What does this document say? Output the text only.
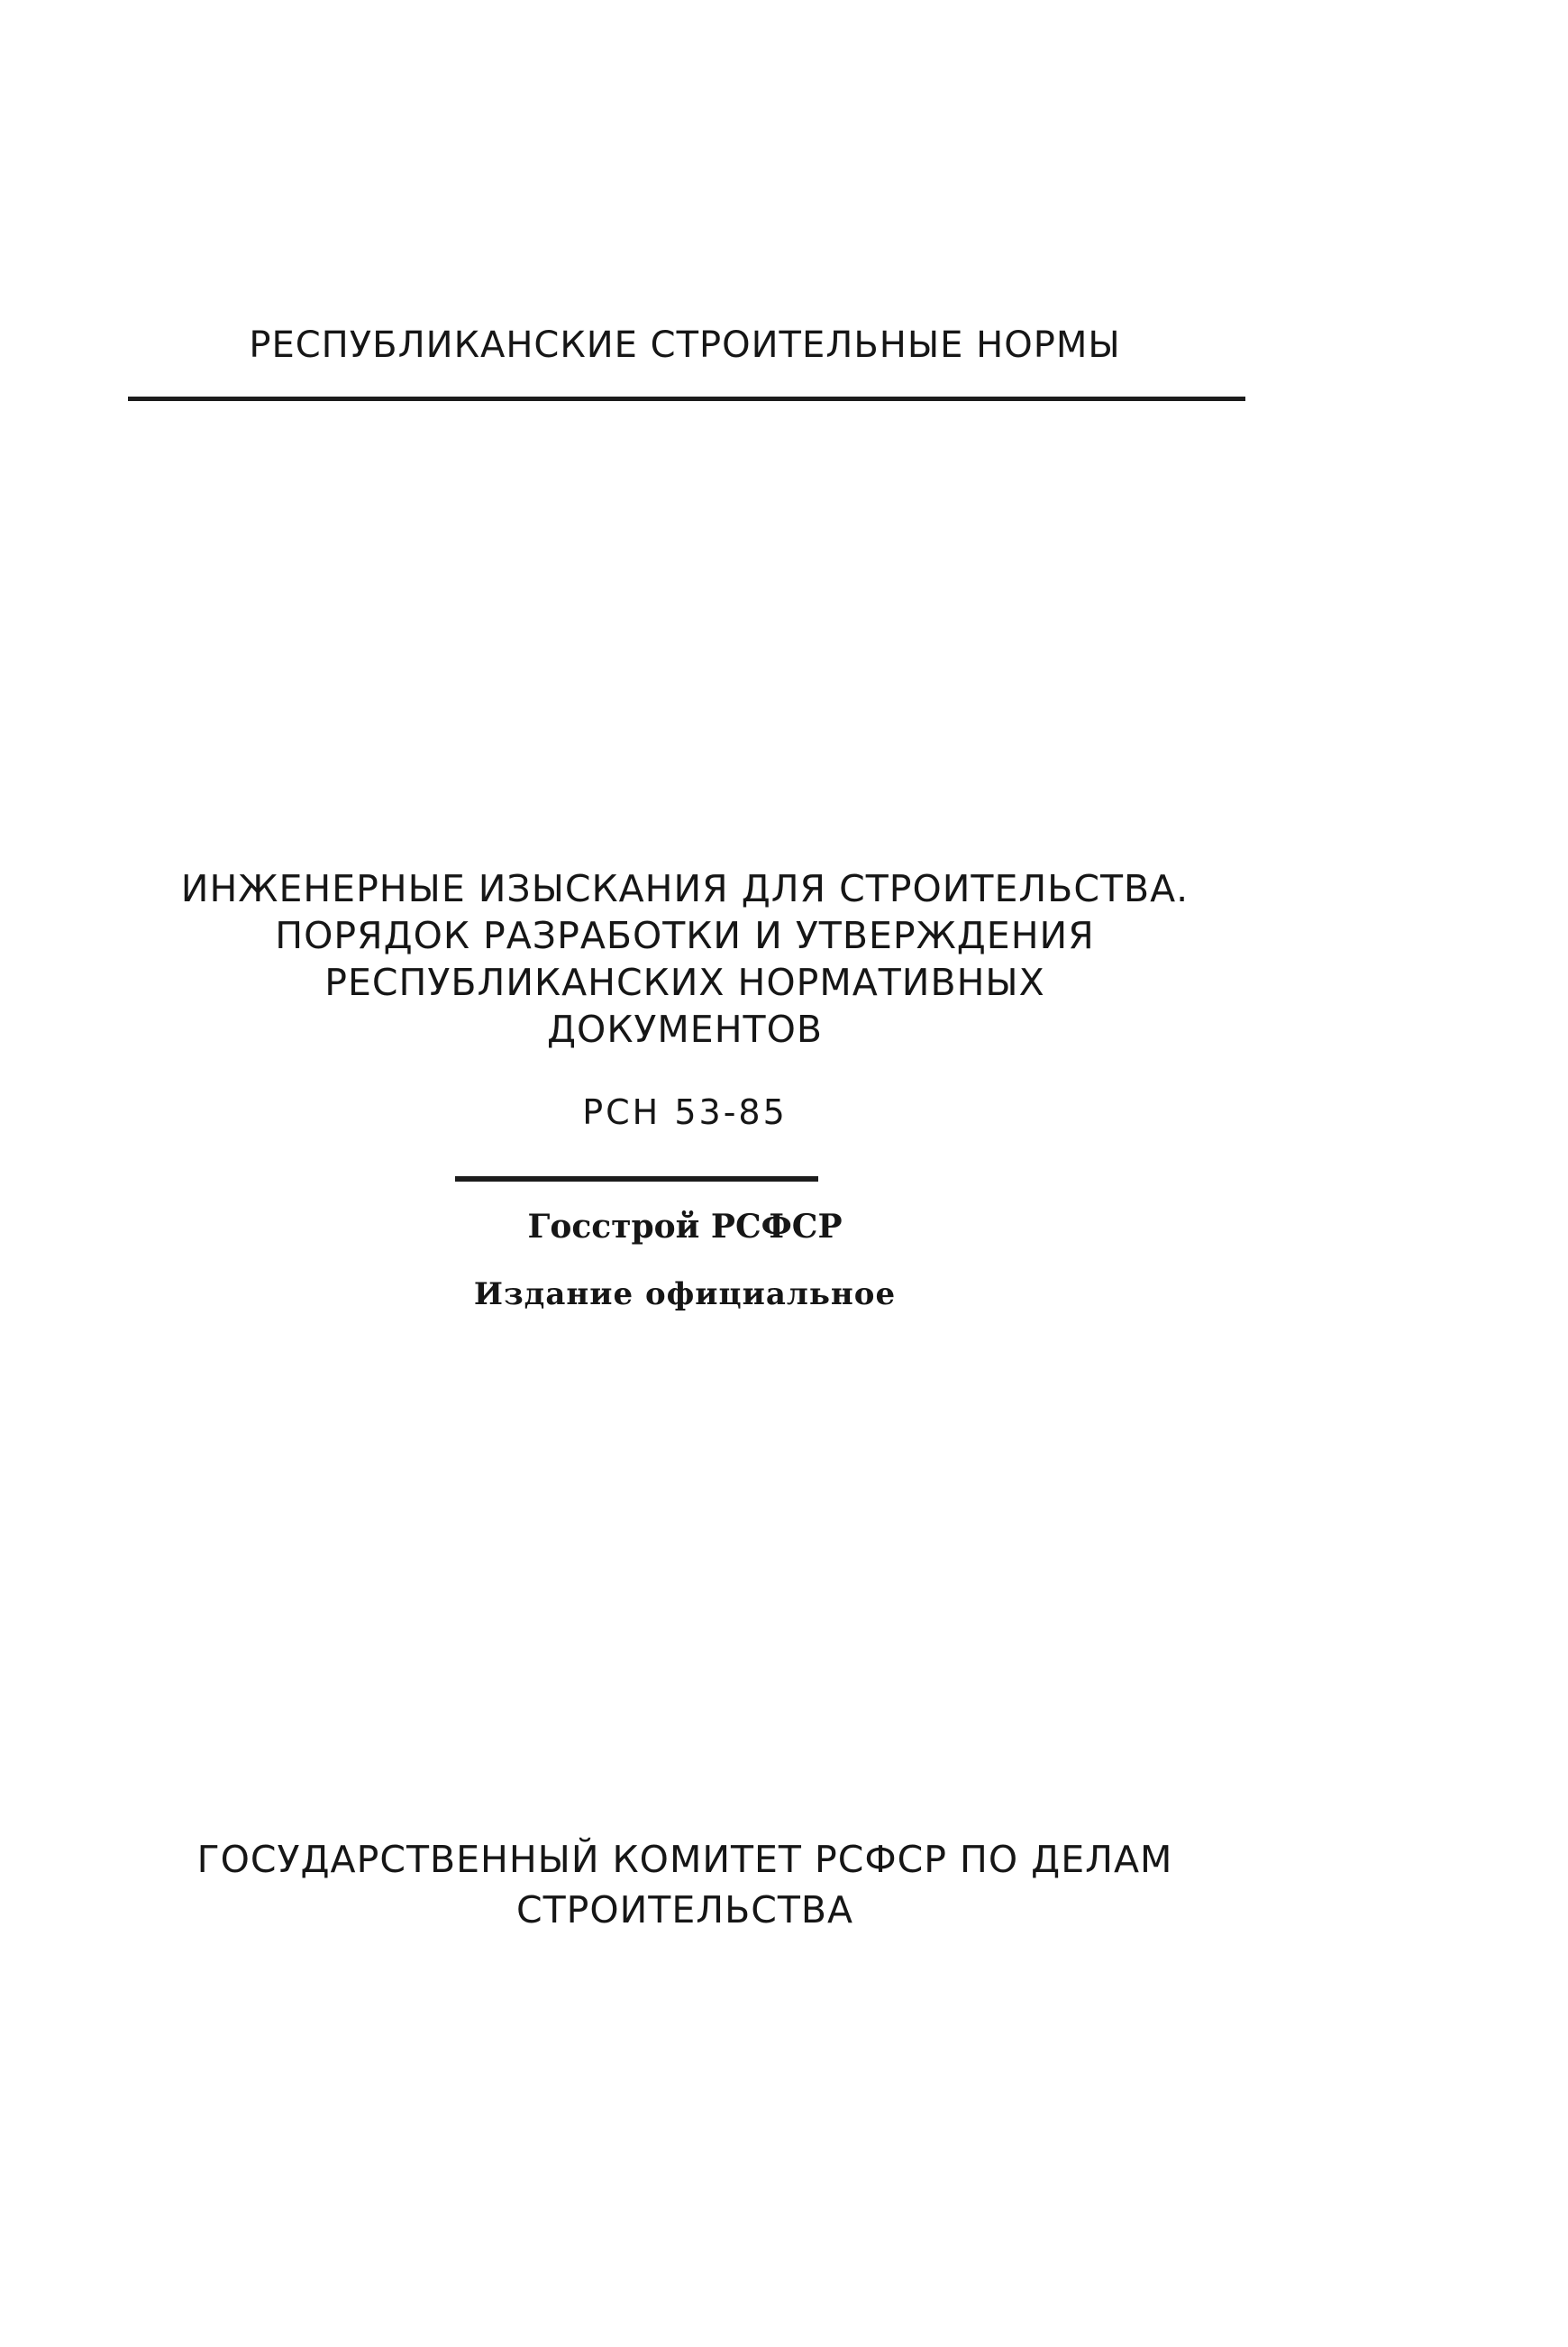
РЕСПУБЛИКАНСКИЕ СТРОИТЕЛЬНЫЕ НОРМЫ
ИНЖЕНЕРНЫЕ ИЗЫСКАНИЯ ДЛЯ СТРОИТЕЛЬСТВА.
ПОРЯДОК РАЗРАБОТКИ И УТВЕРЖДЕНИЯ
РЕСПУБЛИКАНСКИХ НОРМАТИВНЫХ
ДОКУМЕНТОВ
РСН 53-85
Госстрой РСФСР
Издание официальное
ГОСУДАРСТВЕННЫЙ КОМИТЕТ РСФСР ПО ДЕЛАМ
СТРОИТЕЛЬСТВА
